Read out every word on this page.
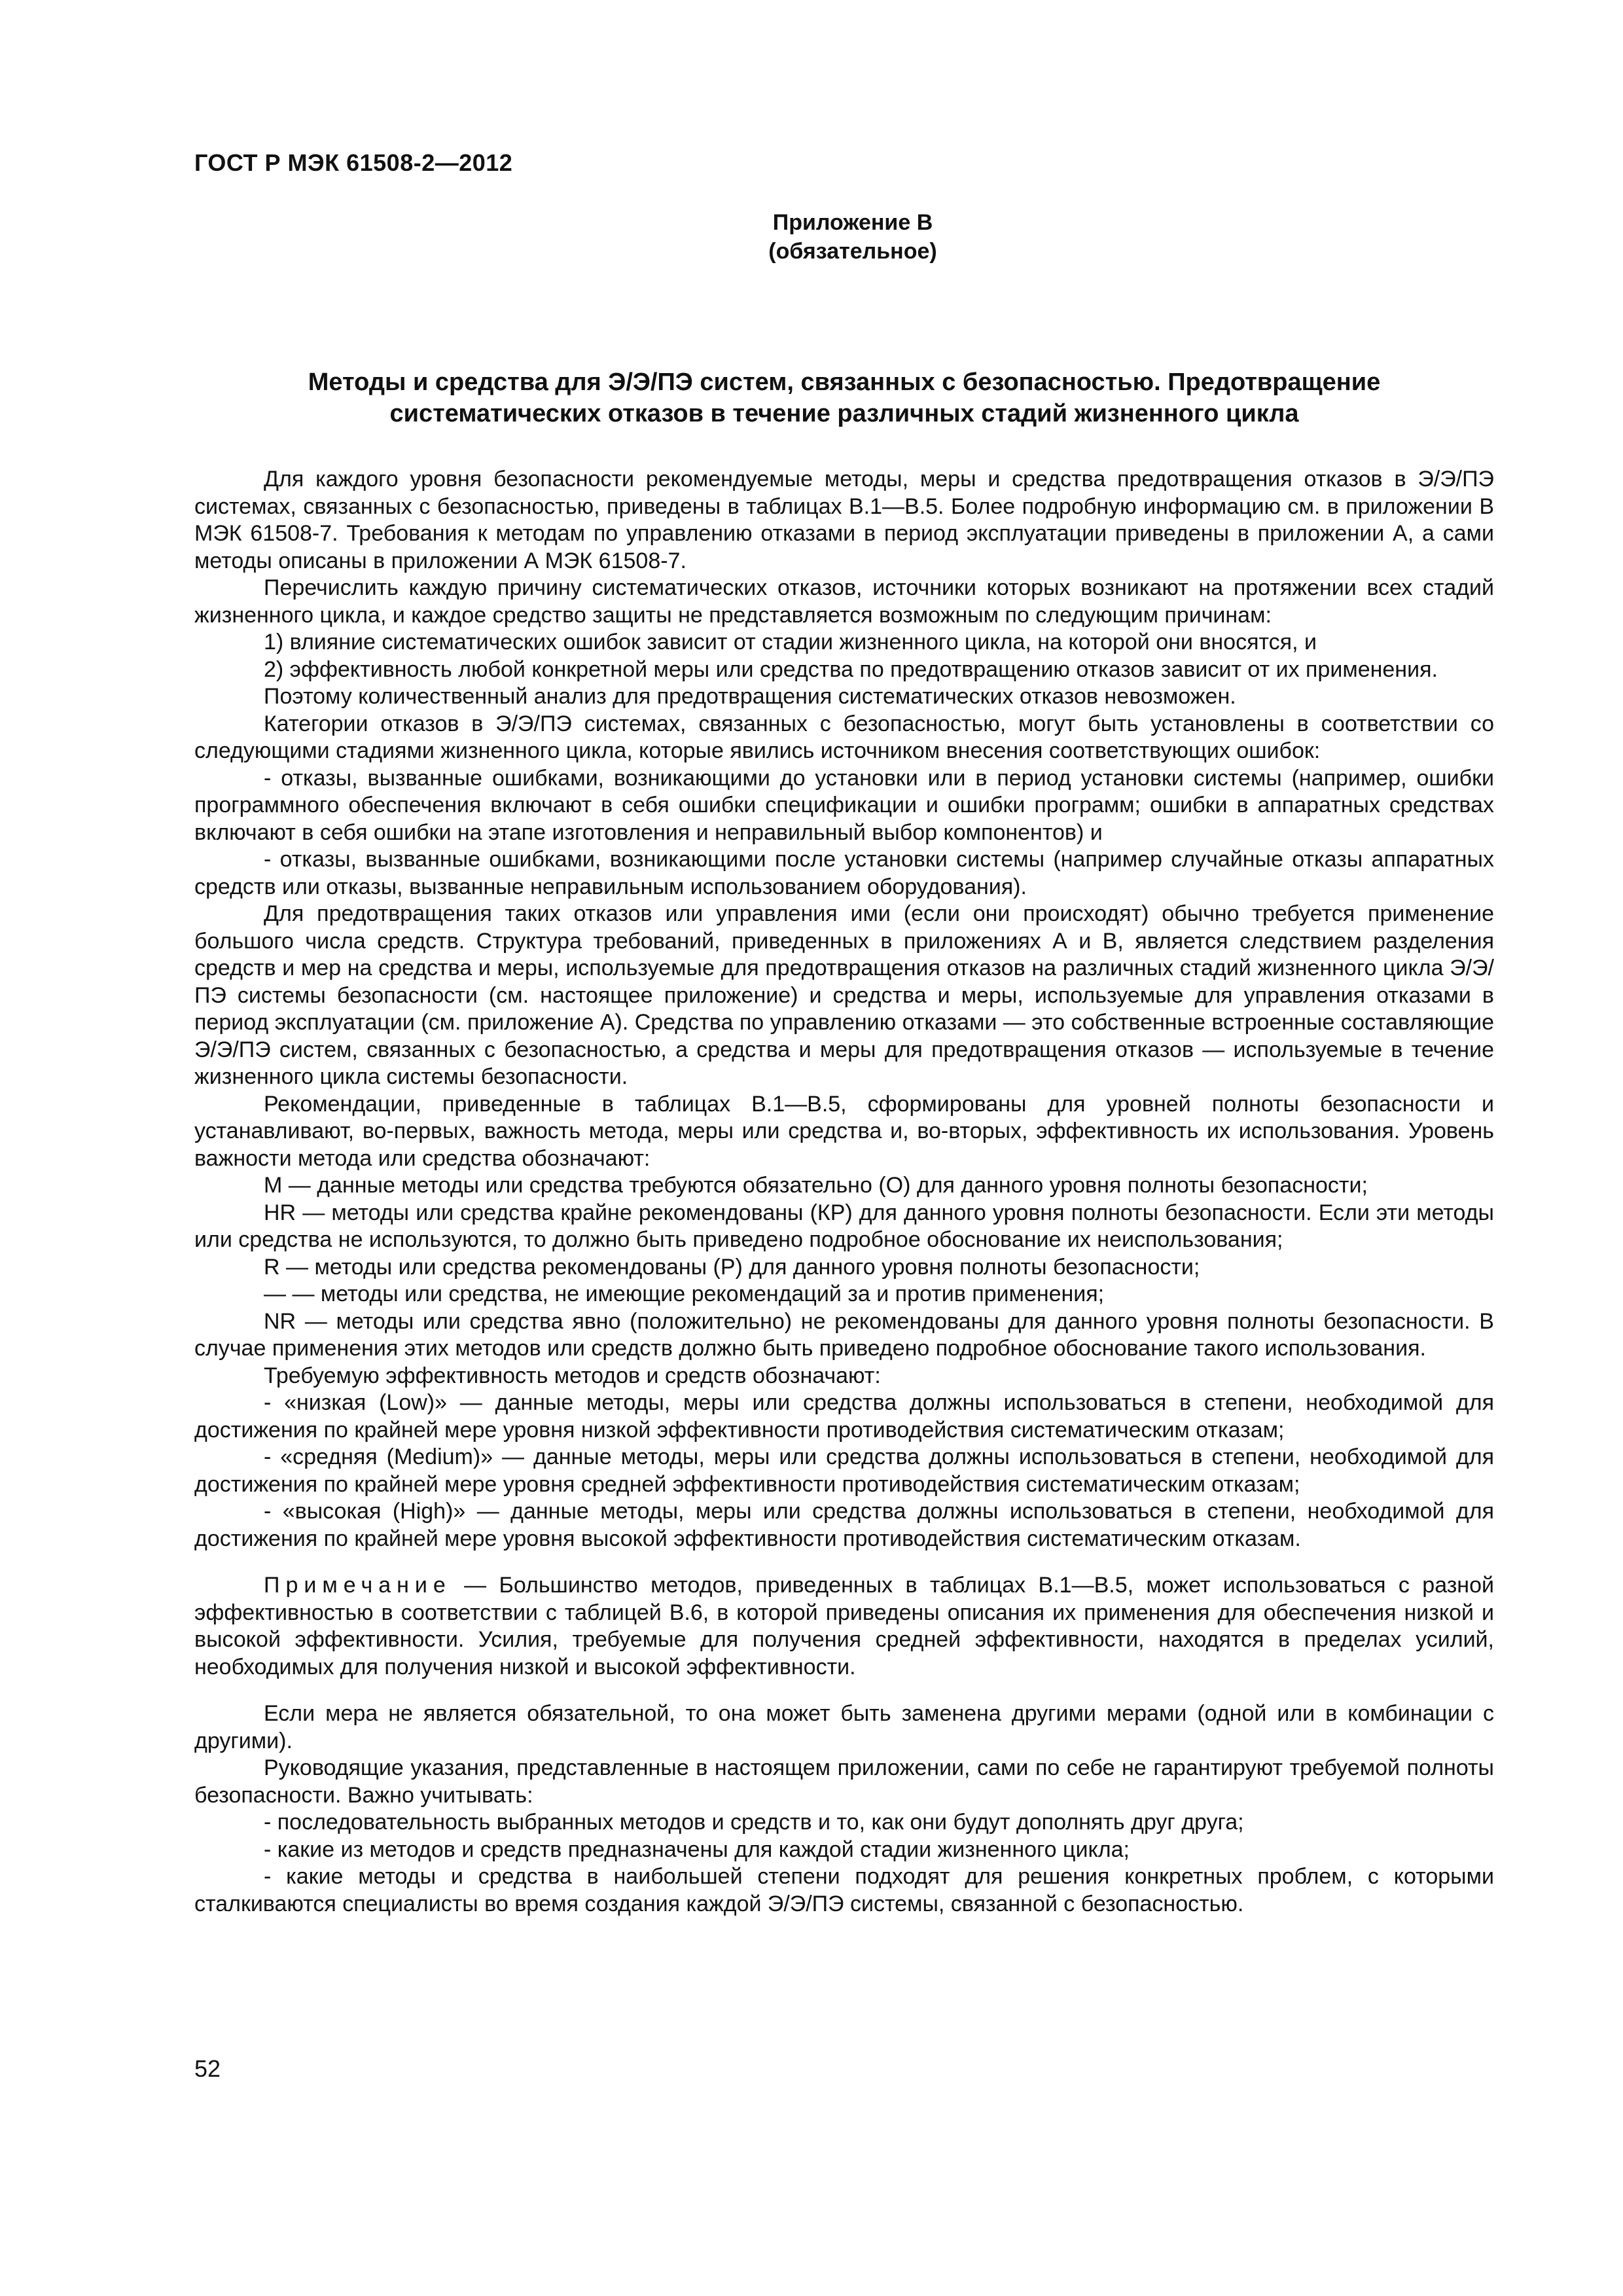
ГОСТ Р МЭК 61508-2—2012

Приложение В
(обязательное)
Методы и средства для Э/Э/ПЭ систем, связанных с безопасностью. Предотвращение
систематических отказов в течение различных стадий жизненного цикла

Для каждого уровня безопасности рекомендуемые методы, меры и средства предотвращения отказов в Э/Э/ПЭ системах, связанных с безопасностью, приведены в таблицах В.1—В.5. Более подробную информацию см. в приложении В МЭК 61508-7. Требования к методам по управлению отказами в период эксплуатации приведены в приложении А, а сами методы описаны в приложении А МЭК 61508-7.

Перечислить каждую причину систематических отказов, источники которых возникают на протяжении всех стадий жизненного цикла, и каждое средство защиты не представляется возможным по следующим причинам:

1) влияние систематических ошибок зависит от стадии жизненного цикла, на которой они вносятся, и

2) эффективность любой конкретной меры или средства по предотвращению отказов зависит от их применения.

Поэтому количественный анализ для предотвращения систематических отказов невозможен.

Категории отказов в Э/Э/ПЭ системах, связанных с безопасностью, могут быть установлены в соответствии со следующими стадиями жизненного цикла, которые явились источником внесения соответствующих ошибок:

- отказы, вызванные ошибками, возникающими до установки или в период установки системы (например, ошибки программного обеспечения включают в себя ошибки спецификации и ошибки программ; ошибки в аппаратных средствах включают в себя ошибки на этапе изготовления и неправильный выбор компонентов) и

- отказы, вызванные ошибками, возникающими после установки системы (например случайные отказы аппаратных средств или отказы, вызванные неправильным использованием оборудования).

Для предотвращения таких отказов или управления ими (если они происходят) обычно требуется применение большого числа средств. Структура требований, приведенных в приложениях А и В, является следствием разделения средств и мер на средства и меры, используемые для предотвращения отказов на различных стадий жизненного цикла Э/Э/ПЭ системы безопасности (см. настоящее приложение) и средства и меры, используемые для управления отказами в период эксплуатации (см. приложение А). Средства по управлению отказами — это собственные встроенные составляющие Э/Э/ПЭ систем, связанных с безопасностью, а средства и меры для предотвращения отказов — используемые в течение жизненного цикла системы безопасности.

Рекомендации, приведенные в таблицах В.1—В.5, сформированы для уровней полноты безопасности и устанавливают, во-первых, важность метода, меры или средства и, во-вторых, эффективность их использования. Уровень важности метода или средства обозначают:

М — данные методы или средства требуются обязательно (О) для данного уровня полноты безопасности;

HR — методы или средства крайне рекомендованы (КР) для данного уровня полноты безопасности. Если эти методы или средства не используются, то должно быть приведено подробное обоснование их неиспользования;

R — методы или средства рекомендованы (Р) для данного уровня полноты безопасности;

— — методы или средства, не имеющие рекомендаций за и против применения;

NR — методы или средства явно (положительно) не рекомендованы для данного уровня полноты безопасности. В случае применения этих методов или средств должно быть приведено подробное обоснование такого использования.

Требуемую эффективность методов и средств обозначают:

- «низкая (Low)» — данные методы, меры или средства должны использоваться в степени, необходимой для достижения по крайней мере уровня низкой эффективности противодействия систематическим отказам;

- «средняя (Medium)» — данные методы, меры или средства должны использоваться в степени, необходимой для достижения по крайней мере уровня средней эффективности противодействия систематическим отказам;

- «высокая (High)» — данные методы, меры или средства должны использоваться в степени, необходимой для достижения по крайней мере уровня высокой эффективности противодействия систематическим отказам.

Примечание — Большинство методов, приведенных в таблицах В.1—В.5, может использоваться с разной эффективностью в соответствии с таблицей В.6, в которой приведены описания их применения для обеспечения низкой и высокой эффективности. Усилия, требуемые для получения средней эффективности, находятся в пределах усилий, необходимых для получения низкой и высокой эффективности.

Если мера не является обязательной, то она может быть заменена другими мерами (одной или в комбинации с другими).

Руководящие указания, представленные в настоящем приложении, сами по себе не гарантируют требуемой полноты безопасности. Важно учитывать:

- последовательность выбранных методов и средств и то, как они будут дополнять друг друга;

- какие из методов и средств предназначены для каждой стадии жизненного цикла;

- какие методы и средства в наибольшей степени подходят для решения конкретных проблем, с которыми сталкиваются специалисты во время создания каждой Э/Э/ПЭ системы, связанной с безопасностью.

52
